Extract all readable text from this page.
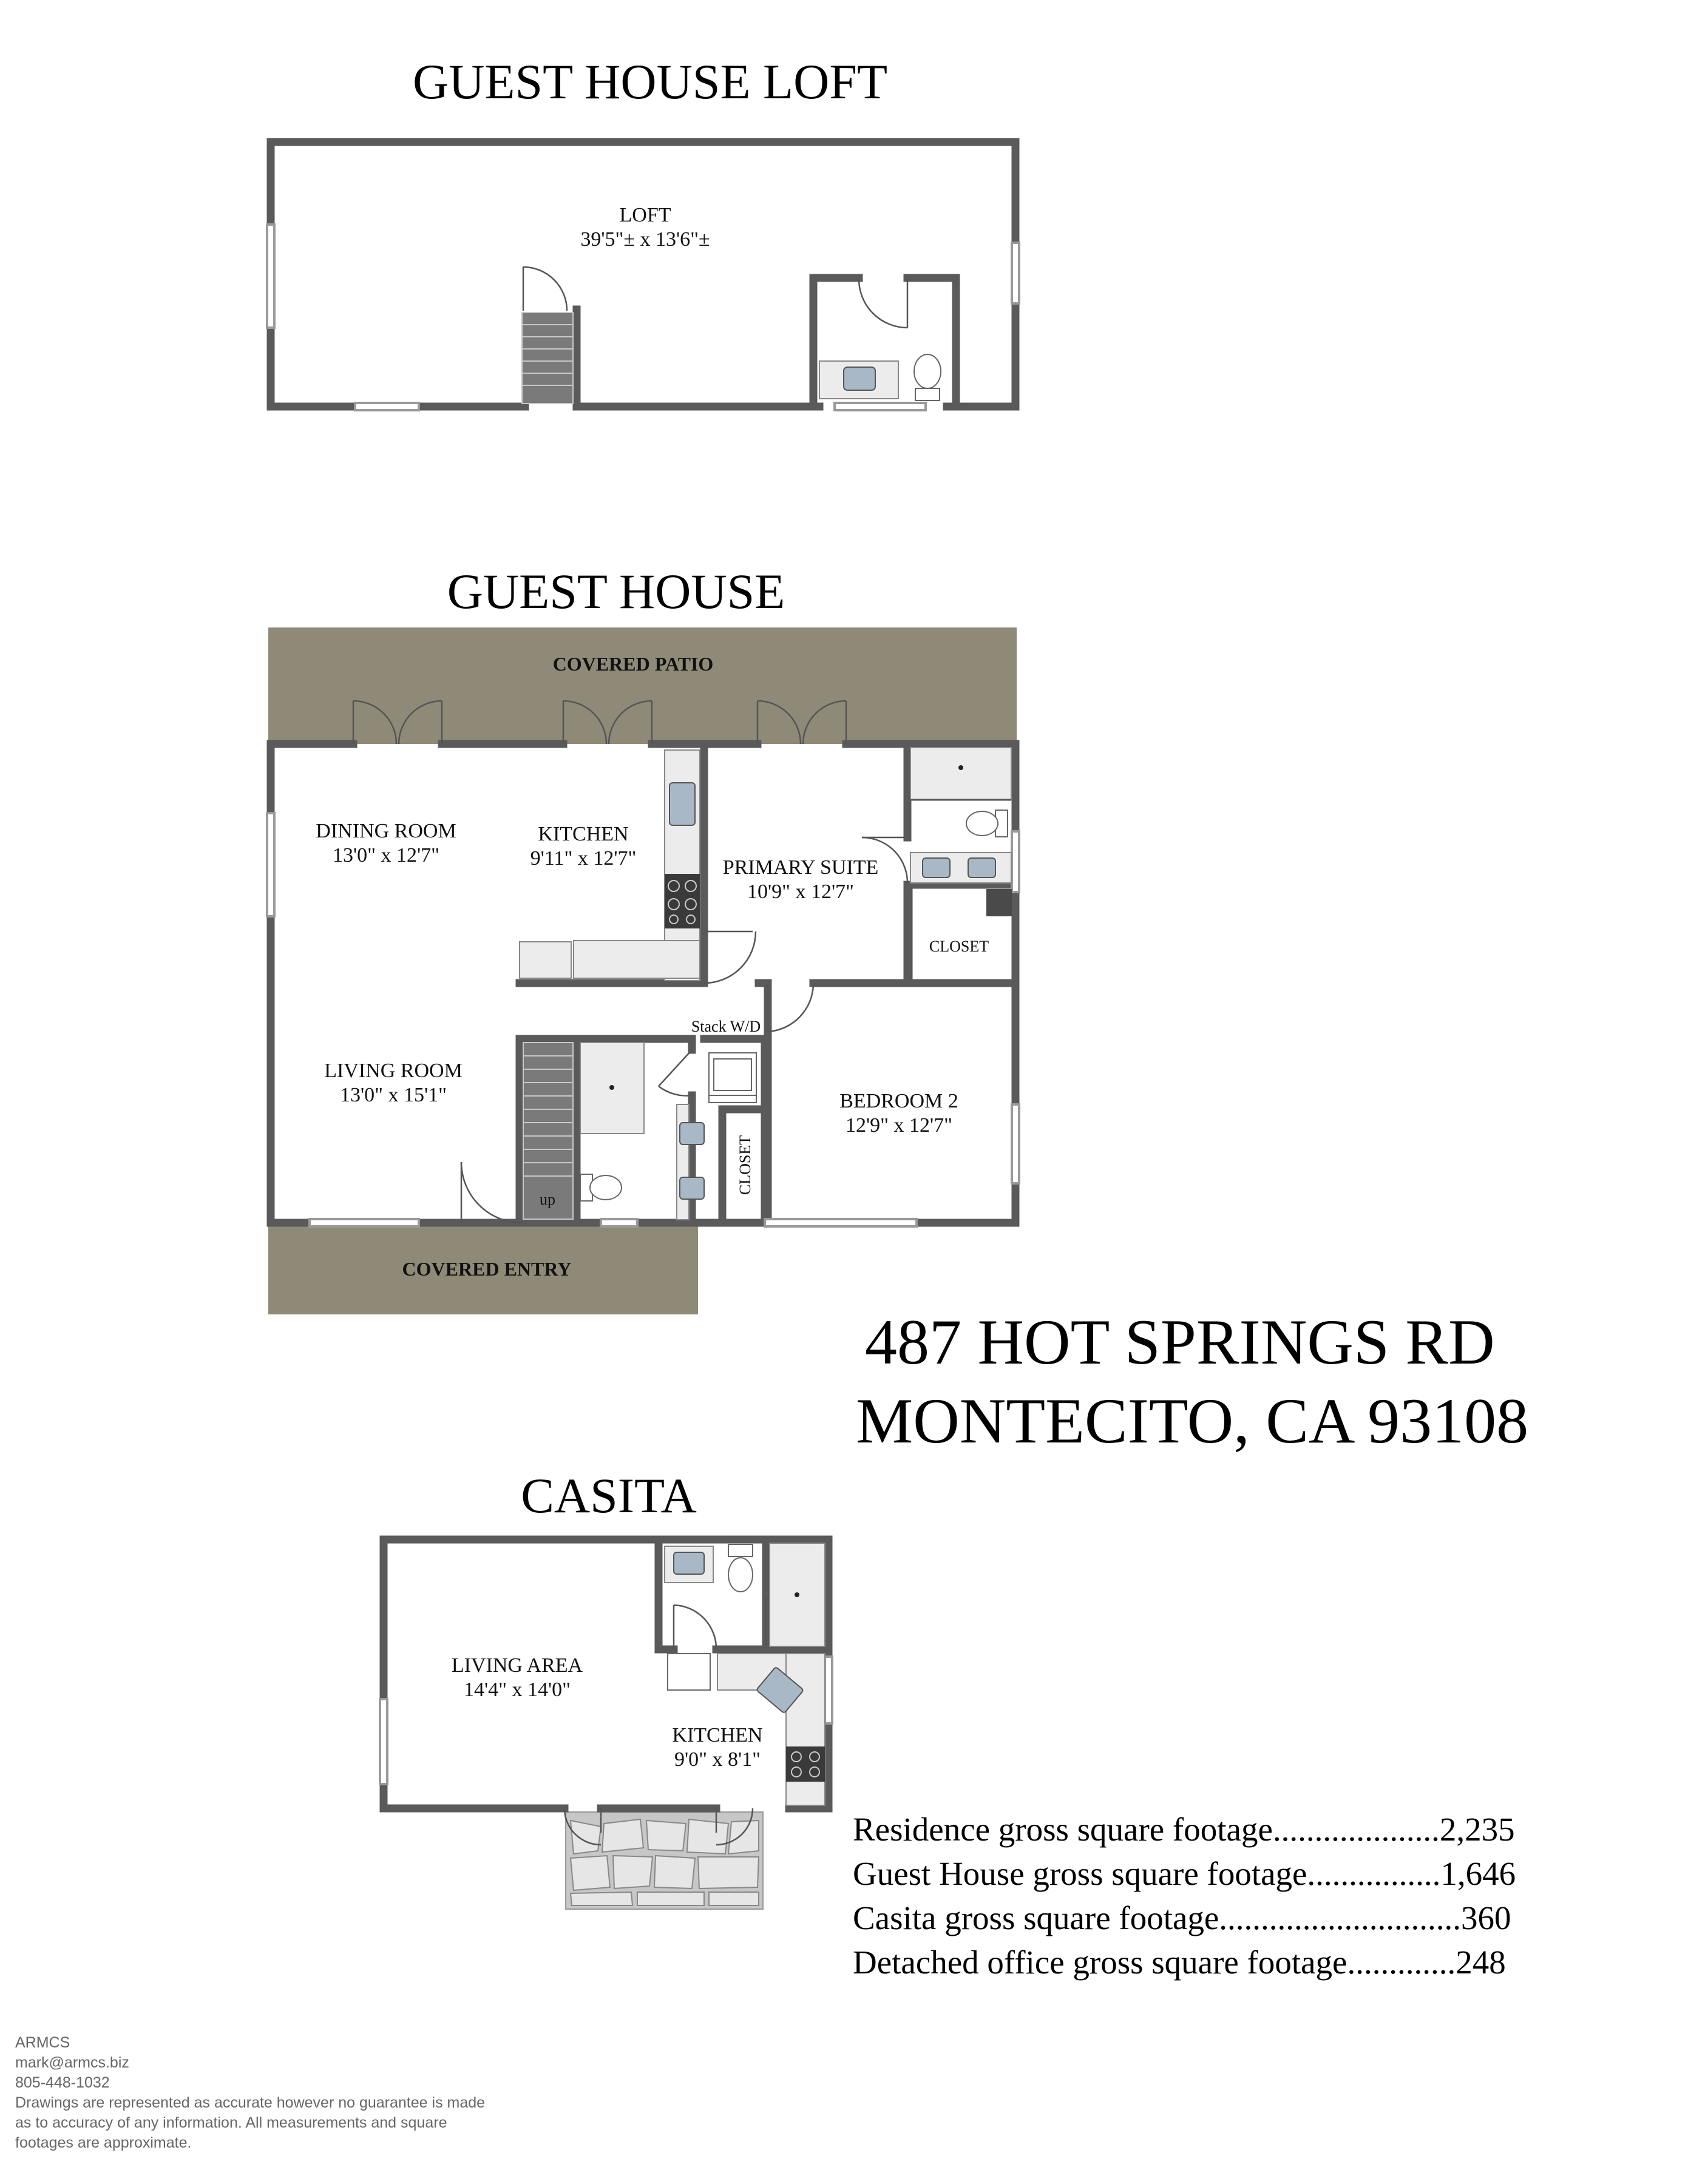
GUEST HOUSE LOFT
LOFT
39'5"± x 13'6"±
GUEST HOUSE
COVERED PATIO
COVERED ENTRY
CLOSET
up
Stack W/D
CLOSET
DINING ROOM
13'0" x 12'7"
KITCHEN
9'11" x 12'7"	PRIMARY SUITE
10'9" x 12'7"
LIVING ROOM
13'0" x 15'1"	BEDROOM 2
12'9" x 12'7"
487 HOT SPRINGS RD
MONTECITO, CA 93108
CASITA
LIVING AREA
14'4" x 14'0"
KITCHEN
9'0" x 8'1"
Residence gross square footage....................2,235
Guest House gross square footage................1,646
Casita gross square footage.............................360
Detached office gross square footage.............248
ARMCS
mark@armcs.biz
805-448-1032
Drawings are represented as accurate however no guarantee is made
as to accuracy of any information. All measurements and square
footages are approximate.
